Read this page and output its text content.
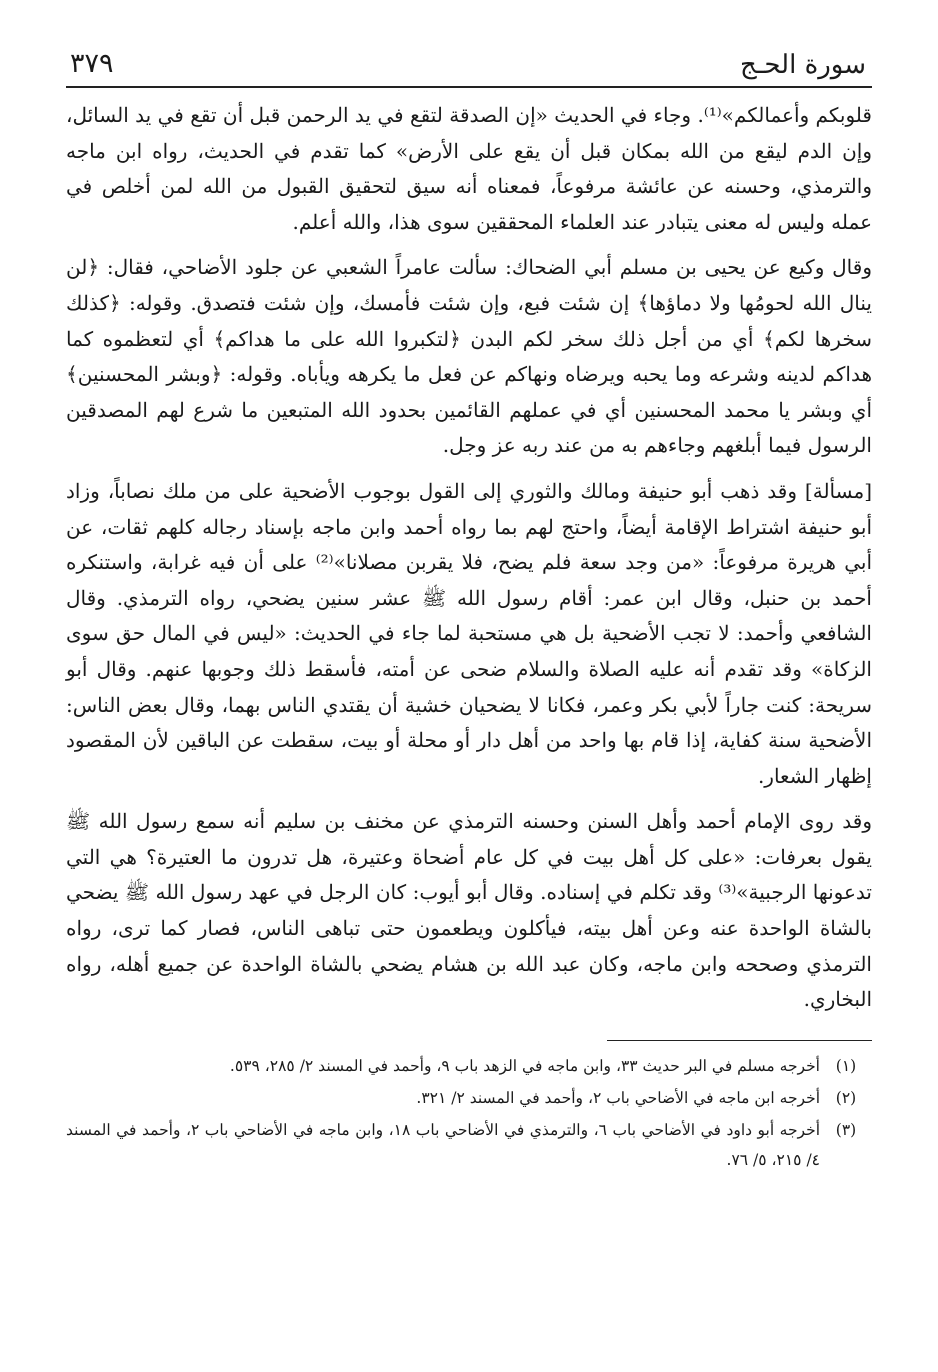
سورة الحـج
٣٧٩

قلوبكم وأعمالكم»⁽¹⁾. وجاء في الحديث «إن الصدقة لتقع في يد الرحمن قبل أن تقع في يد السائل، وإن الدم ليقع من الله بمكان قبل أن يقع على الأرض» كما تقدم في الحديث، رواه ابن ماجه والترمذي، وحسنه عن عائشة مرفوعاً، فمعناه أنه سيق لتحقيق القبول من الله لمن أخلص في عمله وليس له معنى يتبادر عند العلماء المحققين سوى هذا، والله أعلم.

وقال وكيع عن يحيى بن مسلم أبي الضحاك: سألت عامراً الشعبي عن جلود الأضاحي، فقال: ﴿لن ينال الله لحومُها ولا دماؤها﴾ إن شئت فبع، وإن شئت فأمسك، وإن شئت فتصدق. وقوله: ﴿كذلك سخرها لكم﴾ أي من أجل ذلك سخر لكم البدن ﴿لتكبروا الله على ما هداكم﴾ أي لتعظموه كما هداكم لدينه وشرعه وما يحبه ويرضاه ونهاكم عن فعل ما يكرهه ويأباه. وقوله: ﴿وبشر المحسنين﴾ أي وبشر يا محمد المحسنين أي في عملهم القائمين بحدود الله المتبعين ما شرع لهم المصدقين الرسول فيما أبلغهم وجاءهم به من عند ربه عز وجل.

[مسألة] وقد ذهب أبو حنيفة ومالك والثوري إلى القول بوجوب الأضحية على من ملك نصاباً، وزاد أبو حنيفة اشتراط الإقامة أيضاً، واحتج لهم بما رواه أحمد وابن ماجه بإسناد رجاله كلهم ثقات، عن أبي هريرة مرفوعاً: «من وجد سعة فلم يضح، فلا يقربن مصلانا»⁽²⁾ على أن فيه غرابة، واستنكره أحمد بن حنبل، وقال ابن عمر: أقام رسول الله ﷺ عشر سنين يضحي، رواه الترمذي. وقال الشافعي وأحمد: لا تجب الأضحية بل هي مستحبة لما جاء في الحديث: «ليس في المال حق سوى الزكاة» وقد تقدم أنه عليه الصلاة والسلام ضحى عن أمته، فأسقط ذلك وجوبها عنهم. وقال أبو سريحة: كنت جاراً لأبي بكر وعمر، فكانا لا يضحيان خشية أن يقتدي الناس بهما، وقال بعض الناس: الأضحية سنة كفاية، إذا قام بها واحد من أهل دار أو محلة أو بيت، سقطت عن الباقين لأن المقصود إظهار الشعار.

وقد روى الإمام أحمد وأهل السنن وحسنه الترمذي عن مخنف بن سليم أنه سمع رسول الله ﷺ يقول بعرفات: «على كل أهل بيت في كل عام أضحاة وعتيرة، هل تدرون ما العتيرة؟ هي التي تدعونها الرجبية»⁽³⁾ وقد تكلم في إسناده. وقال أبو أيوب: كان الرجل في عهد رسول الله ﷺ يضحي بالشاة الواحدة عنه وعن أهل بيته، فيأكلون ويطعمون حتى تباهى الناس، فصار كما ترى، رواه الترمذي وصححه وابن ماجه، وكان عبد الله بن هشام يضحي بالشاة الواحدة عن جميع أهله، رواه البخاري.

(١)
أخرجه مسلم في البر حديث ٣٣، وابن ماجه في الزهد باب ٩، وأحمد في المسند ٢/ ٢٨٥، ٥٣٩.
(٢)
أخرجه ابن ماجه في الأضاحي باب ٢، وأحمد في المسند ٢/ ٣٢١.
(٣)
أخرجه أبو داود في الأضاحي باب ٦، والترمذي في الأضاحي باب ١٨، وابن ماجه في الأضاحي باب ٢، وأحمد في المسند ٤/ ٢١٥، ٥/ ٧٦.
